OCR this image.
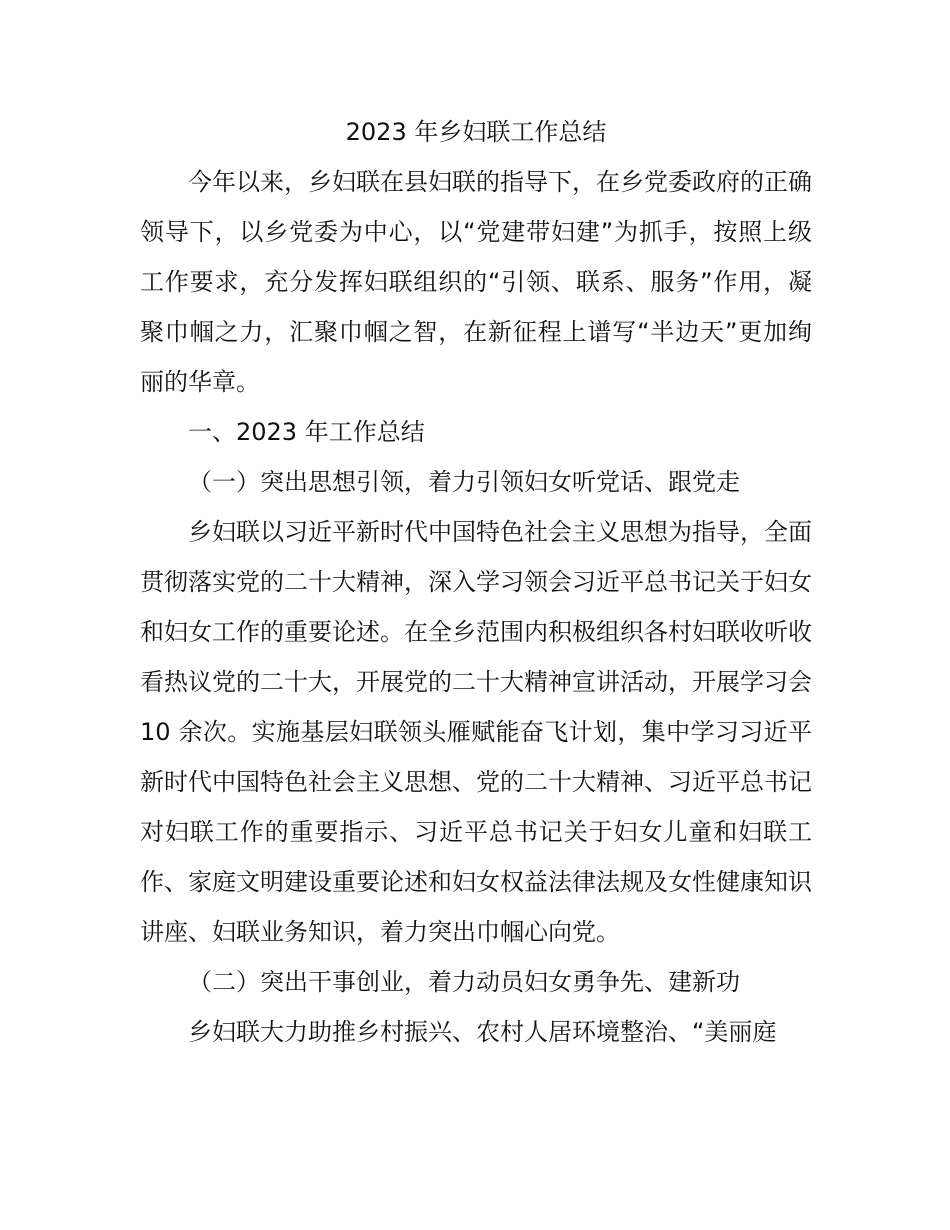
2023 年乡妇联工作总结

今年以来，乡妇联在县妇联的指导下，在乡党委政府的正确领导下，以乡党委为中心，以“党建带妇建”为抓手，按照上级工作要求，充分发挥妇联组织的“引领、联系、服务”作用，凝聚巾帼之力，汇聚巾帼之智，在新征程上谱写“半边天”更加绚丽的华章。

一、2023 年工作总结

（一）突出思想引领，着力引领妇女听党话、跟党走

乡妇联以习近平新时代中国特色社会主义思想为指导，全面贯彻落实党的二十大精神，深入学习领会习近平总书记关于妇女和妇女工作的重要论述。在全乡范围内积极组织各村妇联收听收看热议党的二十大，开展党的二十大精神宣讲活动，开展学习会 10 余次。实施基层妇联领头雁赋能奋飞计划，集中学习习近平新时代中国特色社会主义思想、党的二十大精神、习近平总书记对妇联工作的重要指示、习近平总书记关于妇女儿童和妇联工作、家庭文明建设重要论述和妇女权益法律法规及女性健康知识讲座、妇联业务知识，着力突出巾帼心向党。

（二）突出干事创业，着力动员妇女勇争先、建新功

乡妇联大力助推乡村振兴、农村人居环境整治、“美丽庭
